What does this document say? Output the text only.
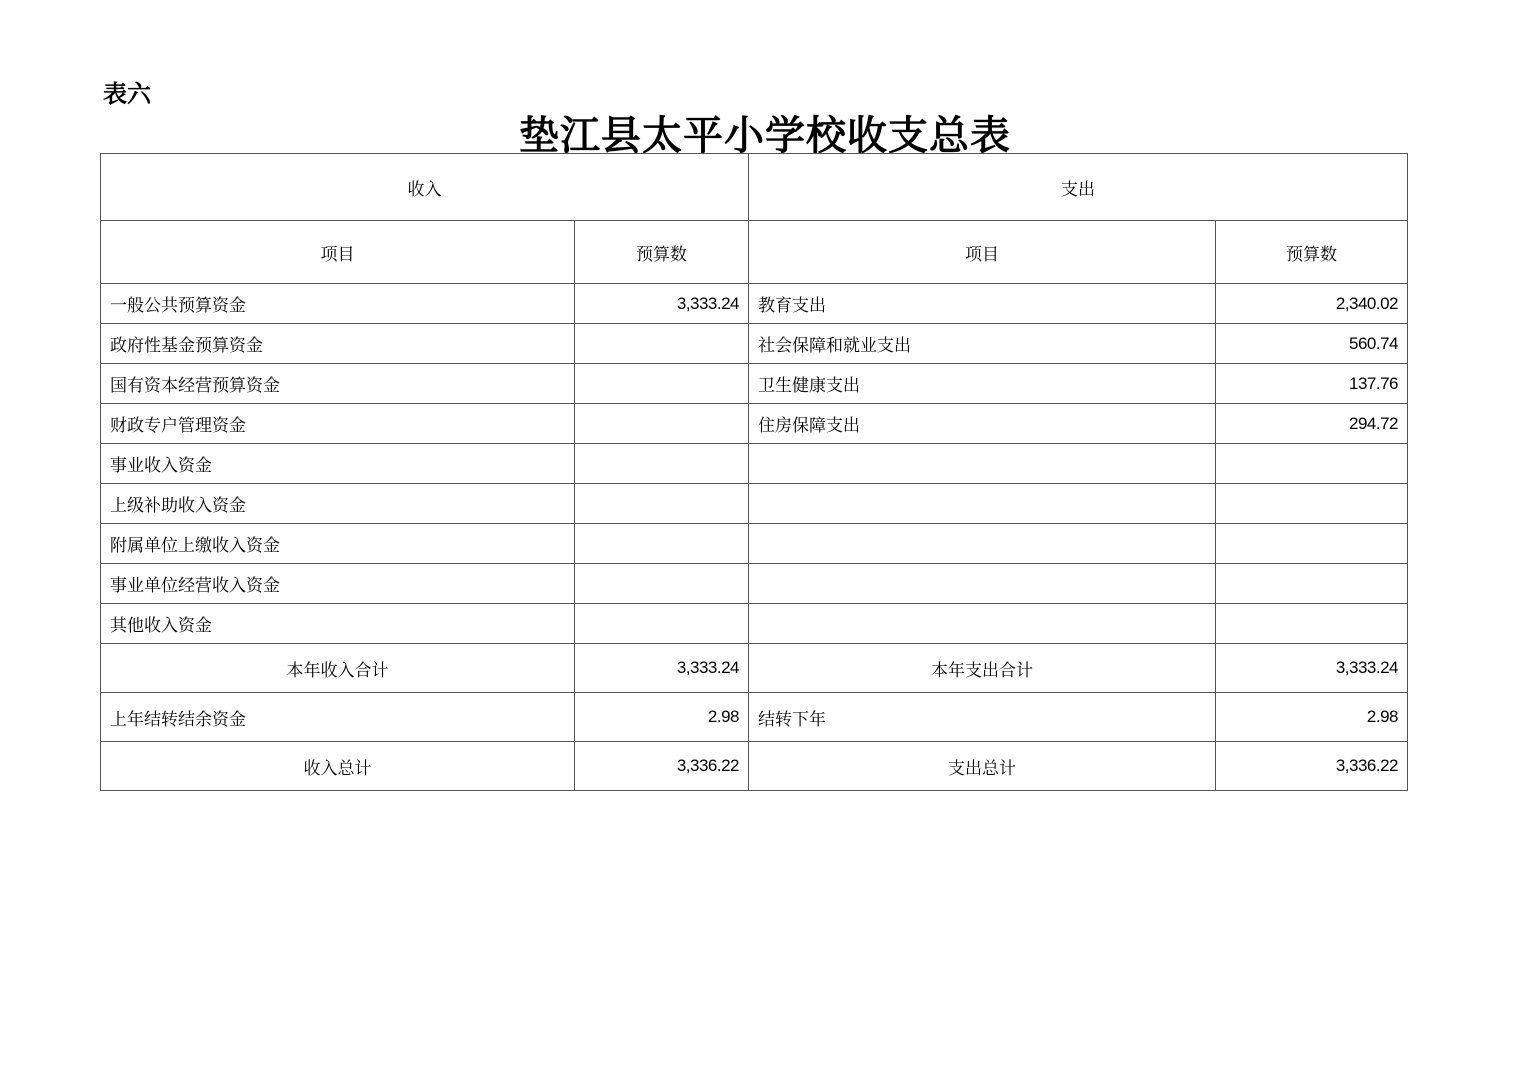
表六
垫江县太平小学校收支总表
收入		支出	
项目	预算数	项目	预算数
一般公共预算资金	3,333.24	教育支出	2,340.02
政府性基金预算资金		社会保障和就业支出	560.74
国有资本经营预算资金		卫生健康支出	137.76
财政专户管理资金		住房保障支出	294.72
事业收入资金			
上级补助收入资金			
附属单位上缴收入资金			
事业单位经营收入资金			
其他收入资金			
本年收入合计	3,333.24	本年支出合计	3,333.24
上年结转结余资金	2.98	结转下年	2.98
收入总计	3,336.22	支出总计	3,336.22
